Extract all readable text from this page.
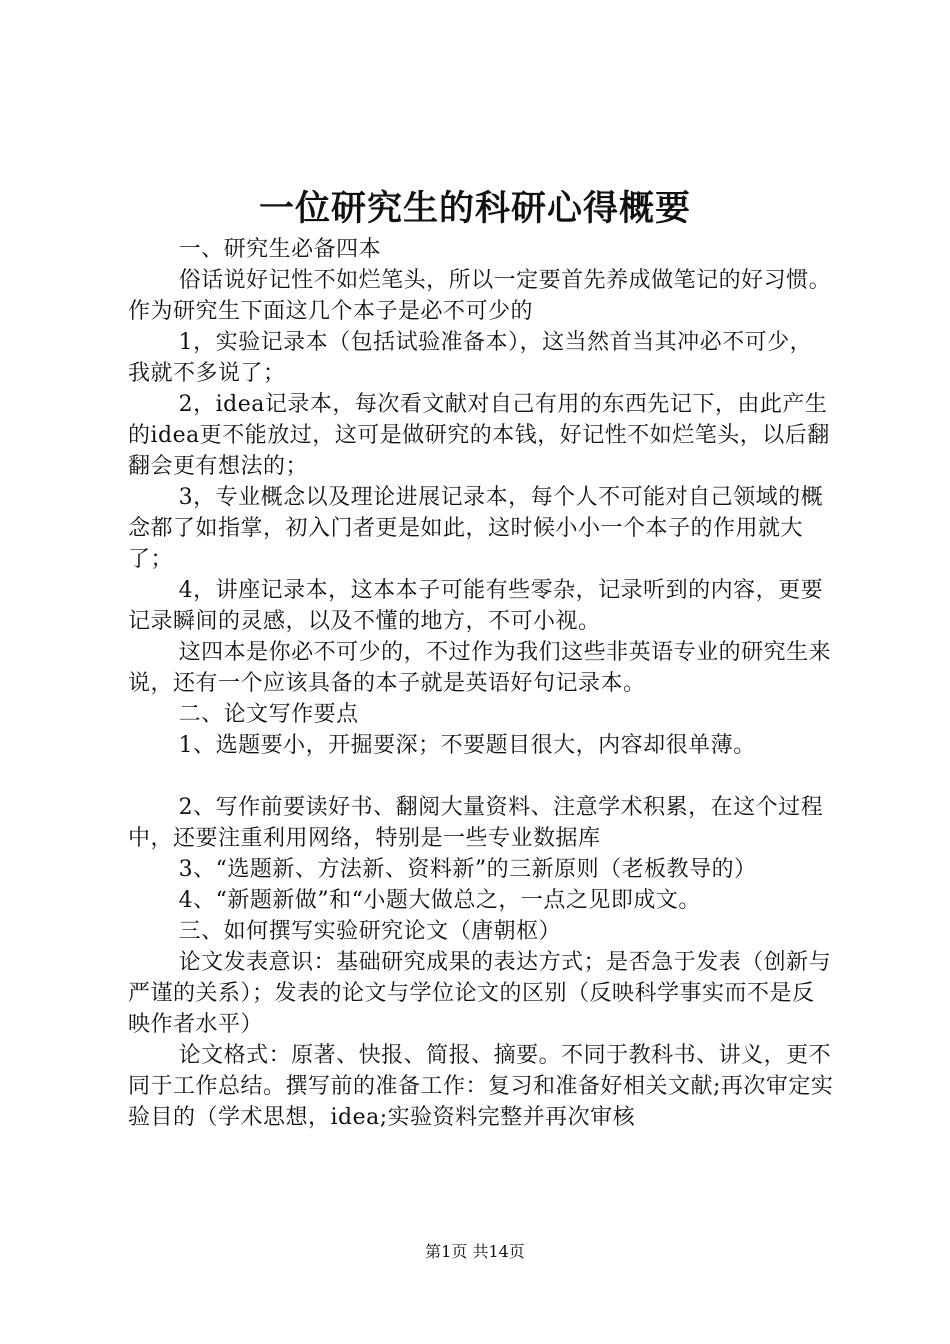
一位研究生的科研心得概要

一、研究生必备四本

俗话说好记性不如烂笔头，所以一定要首先养成做笔记的好习惯。作为研究生下面这几个本子是必不可少的

1，实验记录本（包括试验准备本），这当然首当其冲必不可少，我就不多说了；

2，idea记录本，每次看文献对自己有用的东西先记下，由此产生的idea更不能放过，这可是做研究的本钱，好记性不如烂笔头，以后翻翻会更有想法的；

3，专业概念以及理论进展记录本，每个人不可能对自己领域的概念都了如指掌，初入门者更是如此，这时候小小一个本子的作用就大了；

4，讲座记录本，这本本子可能有些零杂，记录听到的内容，更要记录瞬间的灵感，以及不懂的地方，不可小视。

这四本是你必不可少的，不过作为我们这些非英语专业的研究生来说，还有一个应该具备的本子就是英语好句记录本。

二、论文写作要点

1、选题要小，开掘要深；不要题目很大，内容却很单薄。

2、写作前要读好书、翻阅大量资料、注意学术积累，在这个过程中，还要注重利用网络，特别是一些专业数据库

3、“选题新、方法新、资料新”的三新原则（老板教导的）

4、“新题新做”和“小题大做总之，一点之见即成文。

三、如何撰写实验研究论文（唐朝枢）

论文发表意识：基础研究成果的表达方式；是否急于发表（创新与严谨的关系）；发表的论文与学位论文的区别（反映科学事实而不是反映作者水平）

论文格式：原著、快报、简报、摘要。不同于教科书、讲义，更不同于工作总结。撰写前的准备工作：复习和准备好相关文献;再次审定实验目的（学术思想，idea;实验资料完整并再次审核

第1页 共14页
